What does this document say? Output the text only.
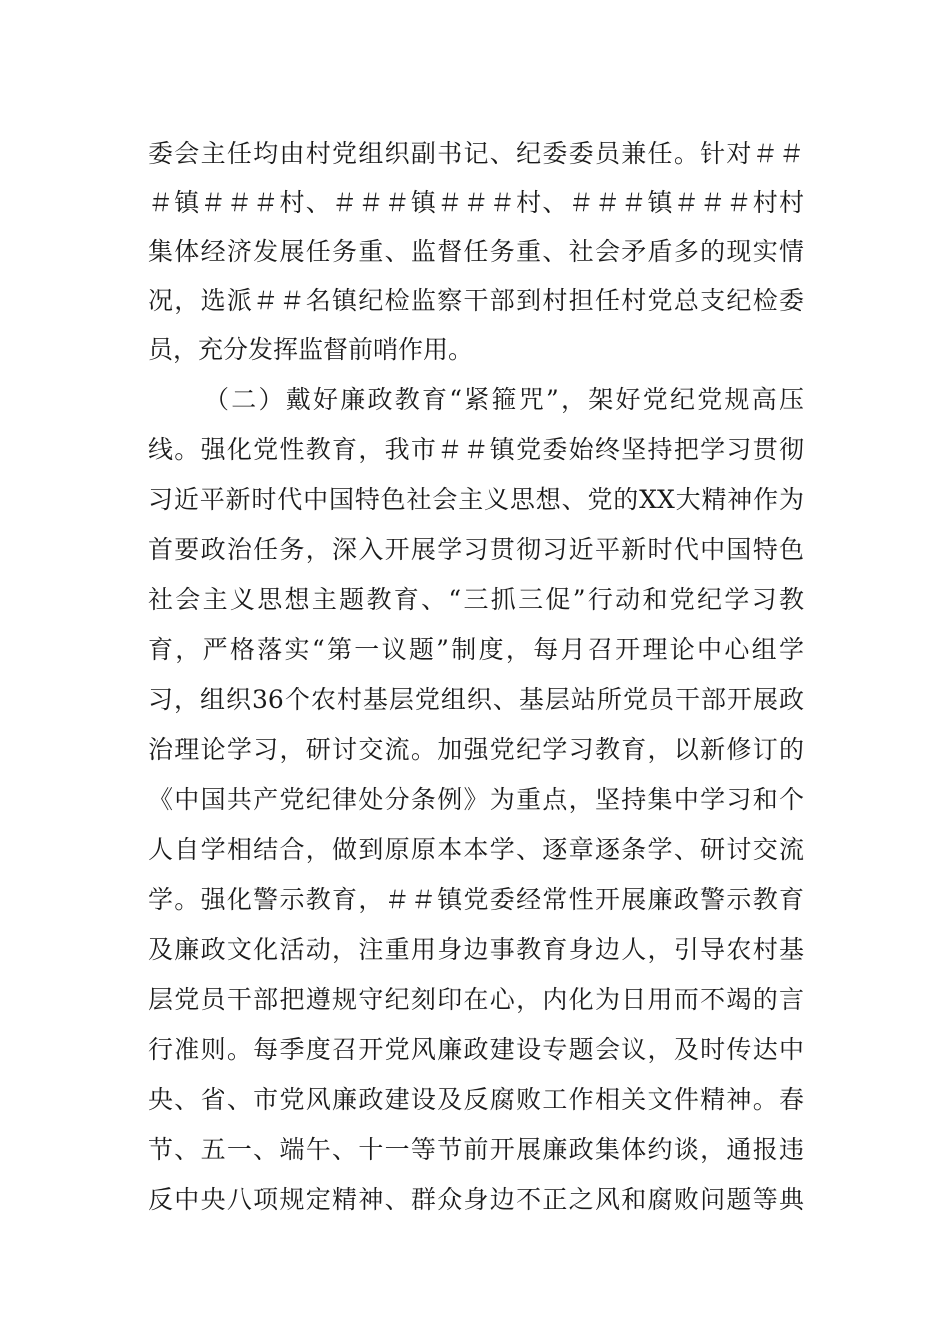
委会主任均由村党组织副书记、纪委委员兼任。针对＃＃
＃镇＃＃＃村、＃＃＃镇＃＃＃村、＃＃＃镇＃＃＃村村
集体经济发展任务重、监督任务重、社会矛盾多的现实情
况，选派＃＃名镇纪检监察干部到村担任村党总支纪检委
员，充分发挥监督前哨作用。
（二）戴好廉政教育“紧箍咒”，架好党纪党规高压
线。强化党性教育，我市＃＃镇党委始终坚持把学习贯彻
习近平新时代中国特色社会主义思想、党的XX大精神作为
首要政治任务，深入开展学习贯彻习近平新时代中国特色
社会主义思想主题教育、“三抓三促”行动和党纪学习教
育，严格落实“第一议题”制度，每月召开理论中心组学
习，组织36个农村基层党组织、基层站所党员干部开展政
治理论学习，研讨交流。加强党纪学习教育，以新修订的
《中国共产党纪律处分条例》为重点，坚持集中学习和个
人自学相结合，做到原原本本学、逐章逐条学、研讨交流
学。强化警示教育，＃＃镇党委经常性开展廉政警示教育
及廉政文化活动，注重用身边事教育身边人，引导农村基
层党员干部把遵规守纪刻印在心，内化为日用而不竭的言
行准则。每季度召开党风廉政建设专题会议，及时传达中
央、省、市党风廉政建设及反腐败工作相关文件精神。春
节、五一、端午、十一等节前开展廉政集体约谈，通报违
反中央八项规定精神、群众身边不正之风和腐败问题等典
